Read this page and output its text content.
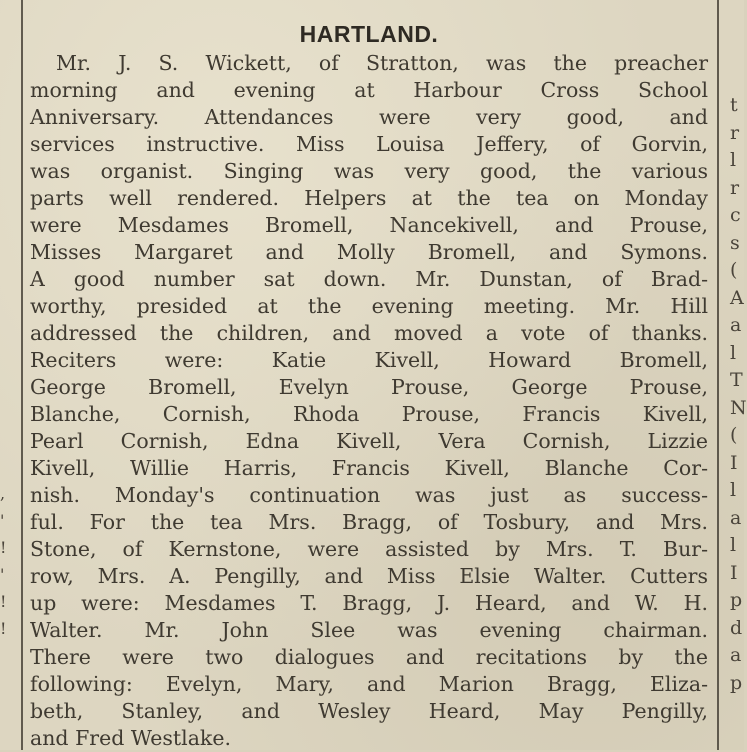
,
'
!
'
!
!
HARTLAND.
Mr. J. S. Wickett, of Stratton, was the preacher
morning and evening at Harbour Cross School
Anniversary. Attendances were very good, and
services instructive. Miss Louisa Jeffery, of Gorvin,
was organist. Singing was very good, the various
parts well rendered. Helpers at the tea on Monday
were Mesdames Bromell, Nancekivell, and Prouse,
Misses Margaret and Molly Bromell, and Symons.
A good number sat down. Mr. Dunstan, of Brad-
worthy, presided at the evening meeting. Mr. Hill
addressed the children, and moved a vote of thanks.
Reciters were: Katie Kivell, Howard Bromell,
George Bromell, Evelyn Prouse, George Prouse,
Blanche, Cornish, Rhoda Prouse, Francis Kivell,
Pearl Cornish, Edna Kivell, Vera Cornish, Lizzie
Kivell, Willie Harris, Francis Kivell, Blanche Cor-
nish. Monday's continuation was just as success-
ful. For the tea Mrs. Bragg, of Tosbury, and Mrs.
Stone, of Kernstone, were assisted by Mrs. T. Bur-
row, Mrs. A. Pengilly, and Miss Elsie Walter. Cutters
up were: Mesdames T. Bragg, J. Heard, and W. H.
Walter. Mr. John Slee was evening chairman.
There were two dialogues and recitations by the
following: Evelyn, Mary, and Marion Bragg, Eliza-
beth, Stanley, and Wesley Heard, May Pengilly,
and Fred Westlake.
t
r
l
r
c
s
(
A
a
l
T
N
(
I
l
a
l
I
p
d
a
p
